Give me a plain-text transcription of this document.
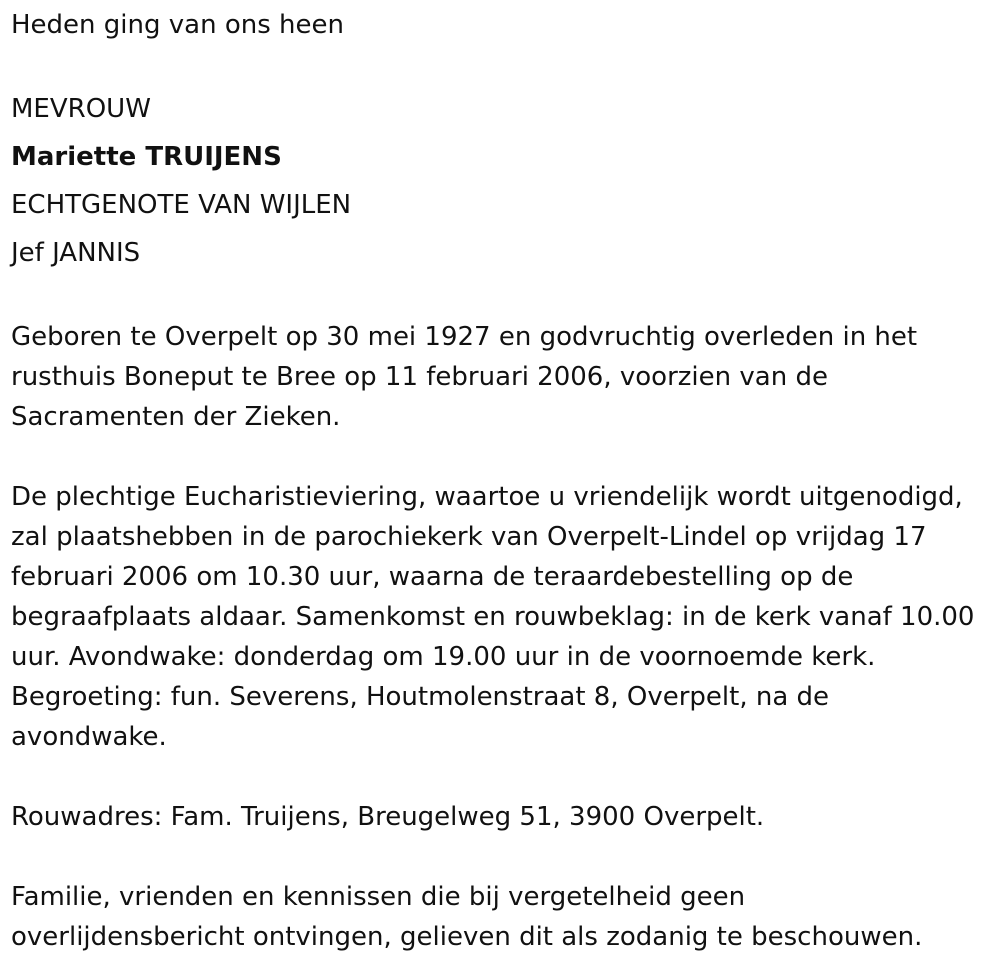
Heden ging van ons heen
MEVROUW
Mariette TRUIJENS
ECHTGENOTE VAN WIJLEN
Jef JANNIS
Geboren te Overpelt op 30 mei 1927 en godvruchtig overleden in het
rusthuis Boneput te Bree op 11 februari 2006, voorzien van de
Sacramenten der Zieken.
De plechtige Eucharistieviering, waartoe u vriendelijk wordt uitgenodigd,
zal plaatshebben in de parochiekerk van Overpelt-Lindel op vrijdag 17
februari 2006 om 10.30 uur, waarna de teraardebestelling op de
begraafplaats aldaar. Samenkomst en rouwbeklag: in de kerk vanaf 10.00
uur. Avondwake: donderdag om 19.00 uur in de voornoemde kerk.
Begroeting: fun. Severens, Houtmolenstraat 8, Overpelt, na de
avondwake.
Rouwadres: Fam. Truijens, Breugelweg 51, 3900 Overpelt.
Familie, vrienden en kennissen die bij vergetelheid geen
overlijdensbericht ontvingen, gelieven dit als zodanig te beschouwen.
